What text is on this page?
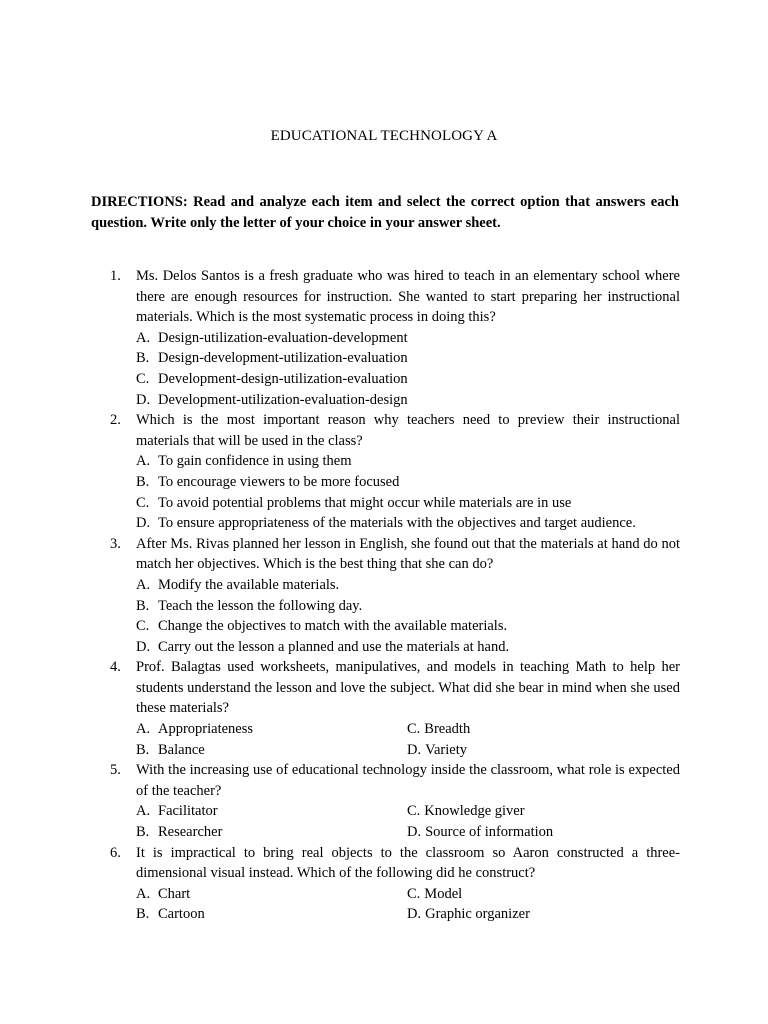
EDUCATIONAL TECHNOLOGY A
DIRECTIONS: Read and analyze each item and select the correct option that answers each question. Write only the letter of your choice in your answer sheet.
1. Ms. Delos Santos is a fresh graduate who was hired to teach in an elementary school where there are enough resources for instruction. She wanted to start preparing her instructional materials. Which is the most systematic process in doing this?
A. Design-utilization-evaluation-development
B. Design-development-utilization-evaluation
C. Development-design-utilization-evaluation
D. Development-utilization-evaluation-design
2. Which is the most important reason why teachers need to preview their instructional materials that will be used in the class?
A. To gain confidence in using them
B. To encourage viewers to be more focused
C. To avoid potential problems that might occur while materials are in use
D. To ensure appropriateness of the materials with the objectives and target audience.
3. After Ms. Rivas planned her lesson in English, she found out that the materials at hand do not match her objectives. Which is the best thing that she can do?
A. Modify the available materials.
B. Teach the lesson the following day.
C. Change the objectives to match with the available materials.
D. Carry out the lesson a planned and use the materials at hand.
4. Prof. Balagtas used worksheets, manipulatives, and models in teaching Math to help her students understand the lesson and love the subject. What did she bear in mind when she used these materials?
A. Appropriateness	C. Breadth
B. Balance	D. Variety
5. With the increasing use of educational technology inside the classroom, what role is expected of the teacher?
A. Facilitator	C. Knowledge giver
B. Researcher	D. Source of information
6. It is impractical to bring real objects to the classroom so Aaron constructed a three-dimensional visual instead. Which of the following did he construct?
A. Chart	C. Model
B. Cartoon	D. Graphic organizer
